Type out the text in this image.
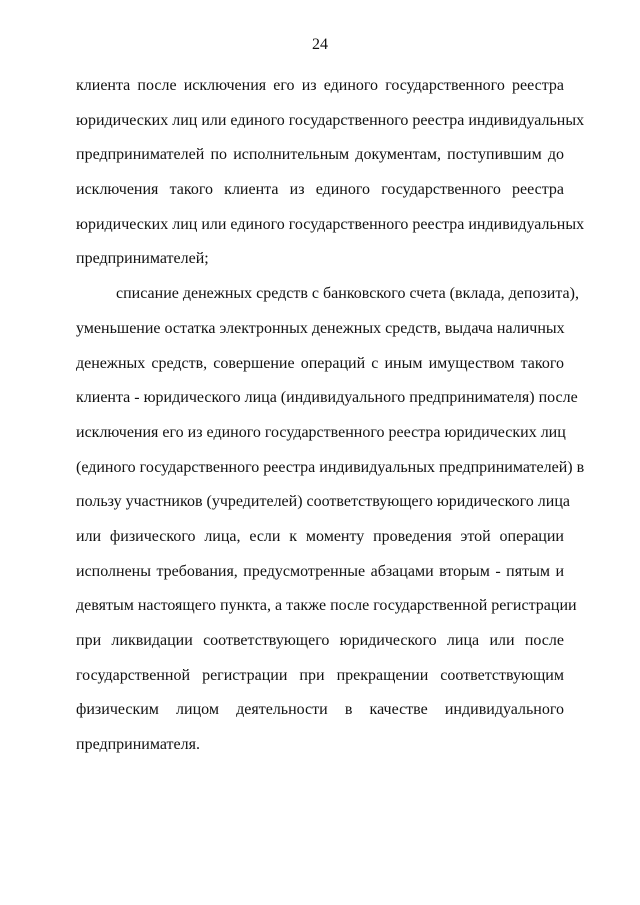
24
клиента после исключения его из единого государственного реестра
юридических лиц или единого государственного реестра индивидуальных
предпринимателей по исполнительным документам, поступившим до
исключения такого клиента из единого государственного реестра
юридических лиц или единого государственного реестра индивидуальных
предпринимателей;
списание денежных средств с банковского счета (вклада, депозита),
уменьшение остатка электронных денежных средств, выдача наличных
денежных средств, совершение операций с иным имуществом такого
клиента - юридического лица (индивидуального предпринимателя) после
исключения его из единого государственного реестра юридических лиц
(единого государственного реестра индивидуальных предпринимателей) в
пользу участников (учредителей) соответствующего юридического лица
или физического лица, если к моменту проведения этой операции
исполнены требования, предусмотренные абзацами вторым - пятым и
девятым настоящего пункта, а также после государственной регистрации
при ликвидации соответствующего юридического лица или после
государственной регистрации при прекращении соответствующим
физическим лицом деятельности в качестве индивидуального
предпринимателя.
